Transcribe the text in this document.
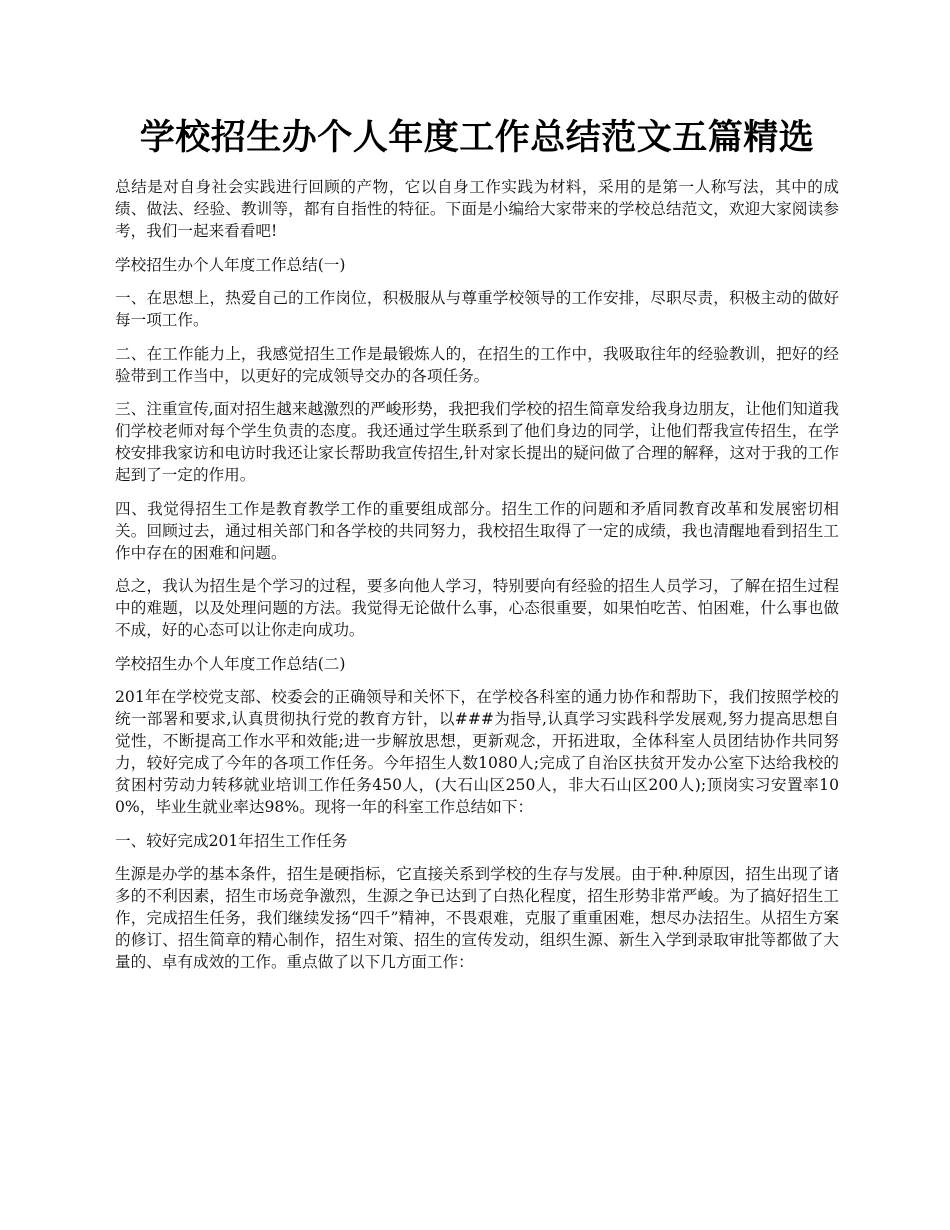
学校招生办个人年度工作总结范文五篇精选

总结是对自身社会实践进行回顾的产物，它以自身工作实践为材料，采用的是第一人称写法，其中的成绩、做法、经验、教训等，都有自指性的特征。下面是小编给大家带来的学校总结范文，欢迎大家阅读参考，我们一起来看看吧!

学校招生办个人年度工作总结(一)

一、在思想上，热爱自己的工作岗位，积极服从与尊重学校领导的工作安排，尽职尽责，积极主动的做好每一项工作。

二、在工作能力上，我感觉招生工作是最锻炼人的，在招生的工作中，我吸取往年的经验教训，把好的经验带到工作当中，以更好的完成领导交办的各项任务。

三、注重宣传,面对招生越来越激烈的严峻形势，我把我们学校的招生简章发给我身边朋友，让他们知道我们学校老师对每个学生负责的态度。我还通过学生联系到了他们身边的同学，让他们帮我宣传招生，在学校安排我家访和电访时我还让家长帮助我宣传招生,针对家长提出的疑问做了合理的解释，这对于我的工作起到了一定的作用。

四、我觉得招生工作是教育教学工作的重要组成部分。招生工作的问题和矛盾同教育改革和发展密切相关。回顾过去，通过相关部门和各学校的共同努力，我校招生取得了一定的成绩，我也清醒地看到招生工作中存在的困难和问题。

总之，我认为招生是个学习的过程，要多向他人学习，特别要向有经验的招生人员学习，了解在招生过程中的难题，以及处理问题的方法。我觉得无论做什么事，心态很重要，如果怕吃苦、怕困难，什么事也做不成，好的心态可以让你走向成功。

学校招生办个人年度工作总结(二)

201年在学校党支部、校委会的正确领导和关怀下，在学校各科室的通力协作和帮助下，我们按照学校的统一部署和要求,认真贯彻执行党的教育方针，以###为指导,认真学习实践科学发展观,努力提高思想自觉性，不断提高工作水平和效能;进一步解放思想，更新观念，开拓进取，全体科室人员团结协作共同努力，较好完成了今年的各项工作任务。今年招生人数1080人;完成了自治区扶贫开发办公室下达给我校的贫困村劳动力转移就业培训工作任务450人，(大石山区250人，非大石山区200人);顶岗实习安置率100%，毕业生就业率达98%。现将一年的科室工作总结如下：

一、较好完成201年招生工作任务

生源是办学的基本条件，招生是硬指标，它直接关系到学校的生存与发展。由于种.种原因，招生出现了诸多的不利因素，招生市场竞争激烈，生源之争已达到了白热化程度，招生形势非常严峻。为了搞好招生工作，完成招生任务，我们继续发扬“四千”精神，不畏艰难，克服了重重困难，想尽办法招生。从招生方案的修订、招生简章的精心制作，招生对策、招生的宣传发动，组织生源、新生入学到录取审批等都做了大量的、卓有成效的工作。重点做了以下几方面工作：
